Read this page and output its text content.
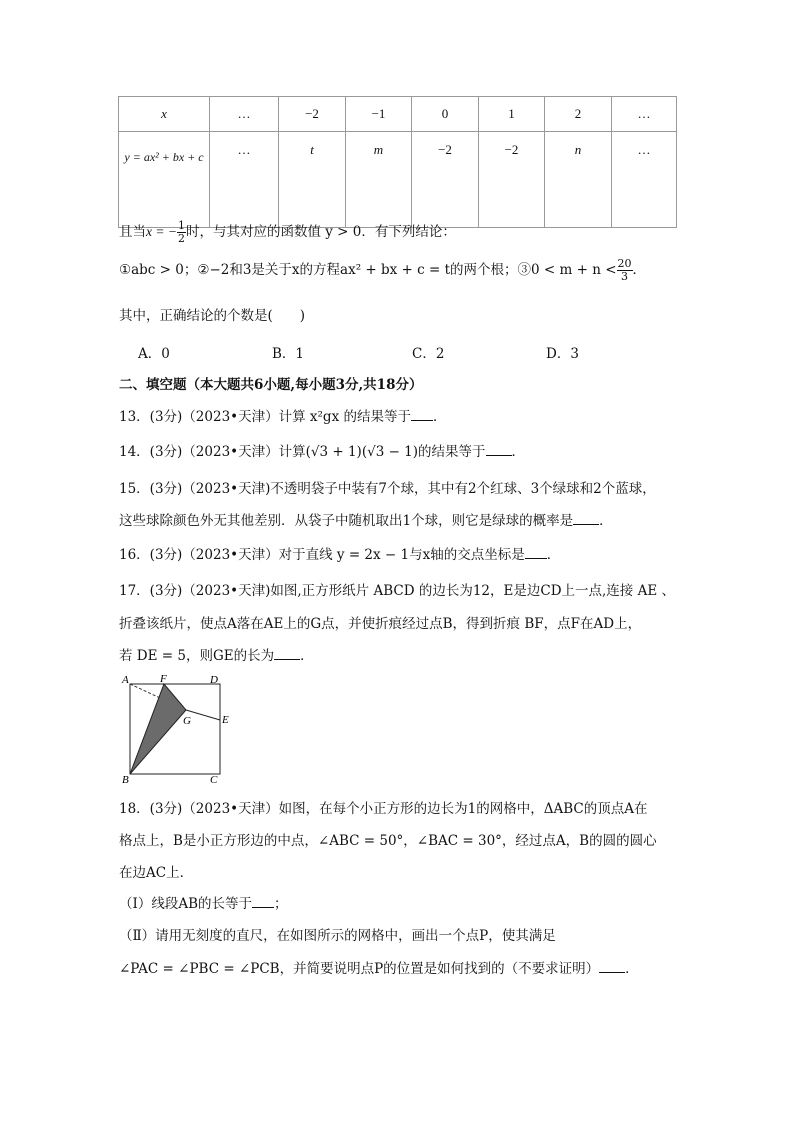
x	…	−2	−1	0	1	2	…
y = ax² + bx + c	…	t	m	−2	−2	n	…
且当x = − $\frac{1}{2}$ 时，与其对应的函数值 y > 0．有下列结论：
①abc > 0；②−2和3是关于x的方程ax² + bx + c = t的两个根；③0 < $m + n < \frac{20}{3}$ ．
其中，正确结论的个数是(　　)
A．0	B．1	C．2	D．3
二、填空题（本大题共6小题,每小题3分,共18分）
13．(3分)（2023•天津）计算 x²gx 的结果等于 ．
14．(3分)（2023•天津）计算(√3 + 1)(√3 − 1)的结果等于 ．
15．(3分)（2023•天津)不透明袋子中装有7个球，其中有2个红球、3个绿球和2个蓝球，
这些球除颜色外无其他差别．从袋子中随机取出1个球，则它是绿球的概率是 ．
16．(3分)（2023•天津）对于直线 y = 2x − 1与x轴的交点坐标是 ．
17．(3分)（2023•天津)如图,正方形纸片 ABCD 的边长为12，E是边CD上一点,连接 AE 、
折叠该纸片，使点A落在AE上的G点，并使折痕经过点B，得到折痕 BF，点F在AD上，
若 DE = 5，则GE的长为 ．
A	F	D
G	E
B	C
18．(3分)（2023•天津）如图，在每个小正方形的边长为1的网格中，ΔABC的顶点A在
格点上，B是小正方形边的中点，∠ABC = 50°，∠BAC = 30°，经过点A，B的圆的圆心
在边AC上．
（Ⅰ）线段AB的长等于 ；
（Ⅱ）请用无刻度的直尺，在如图所示的网格中，画出一个点P，使其满足
∠PAC = ∠PBC = ∠PCB，并简要说明点P的位置是如何找到的（不要求证明） ．
